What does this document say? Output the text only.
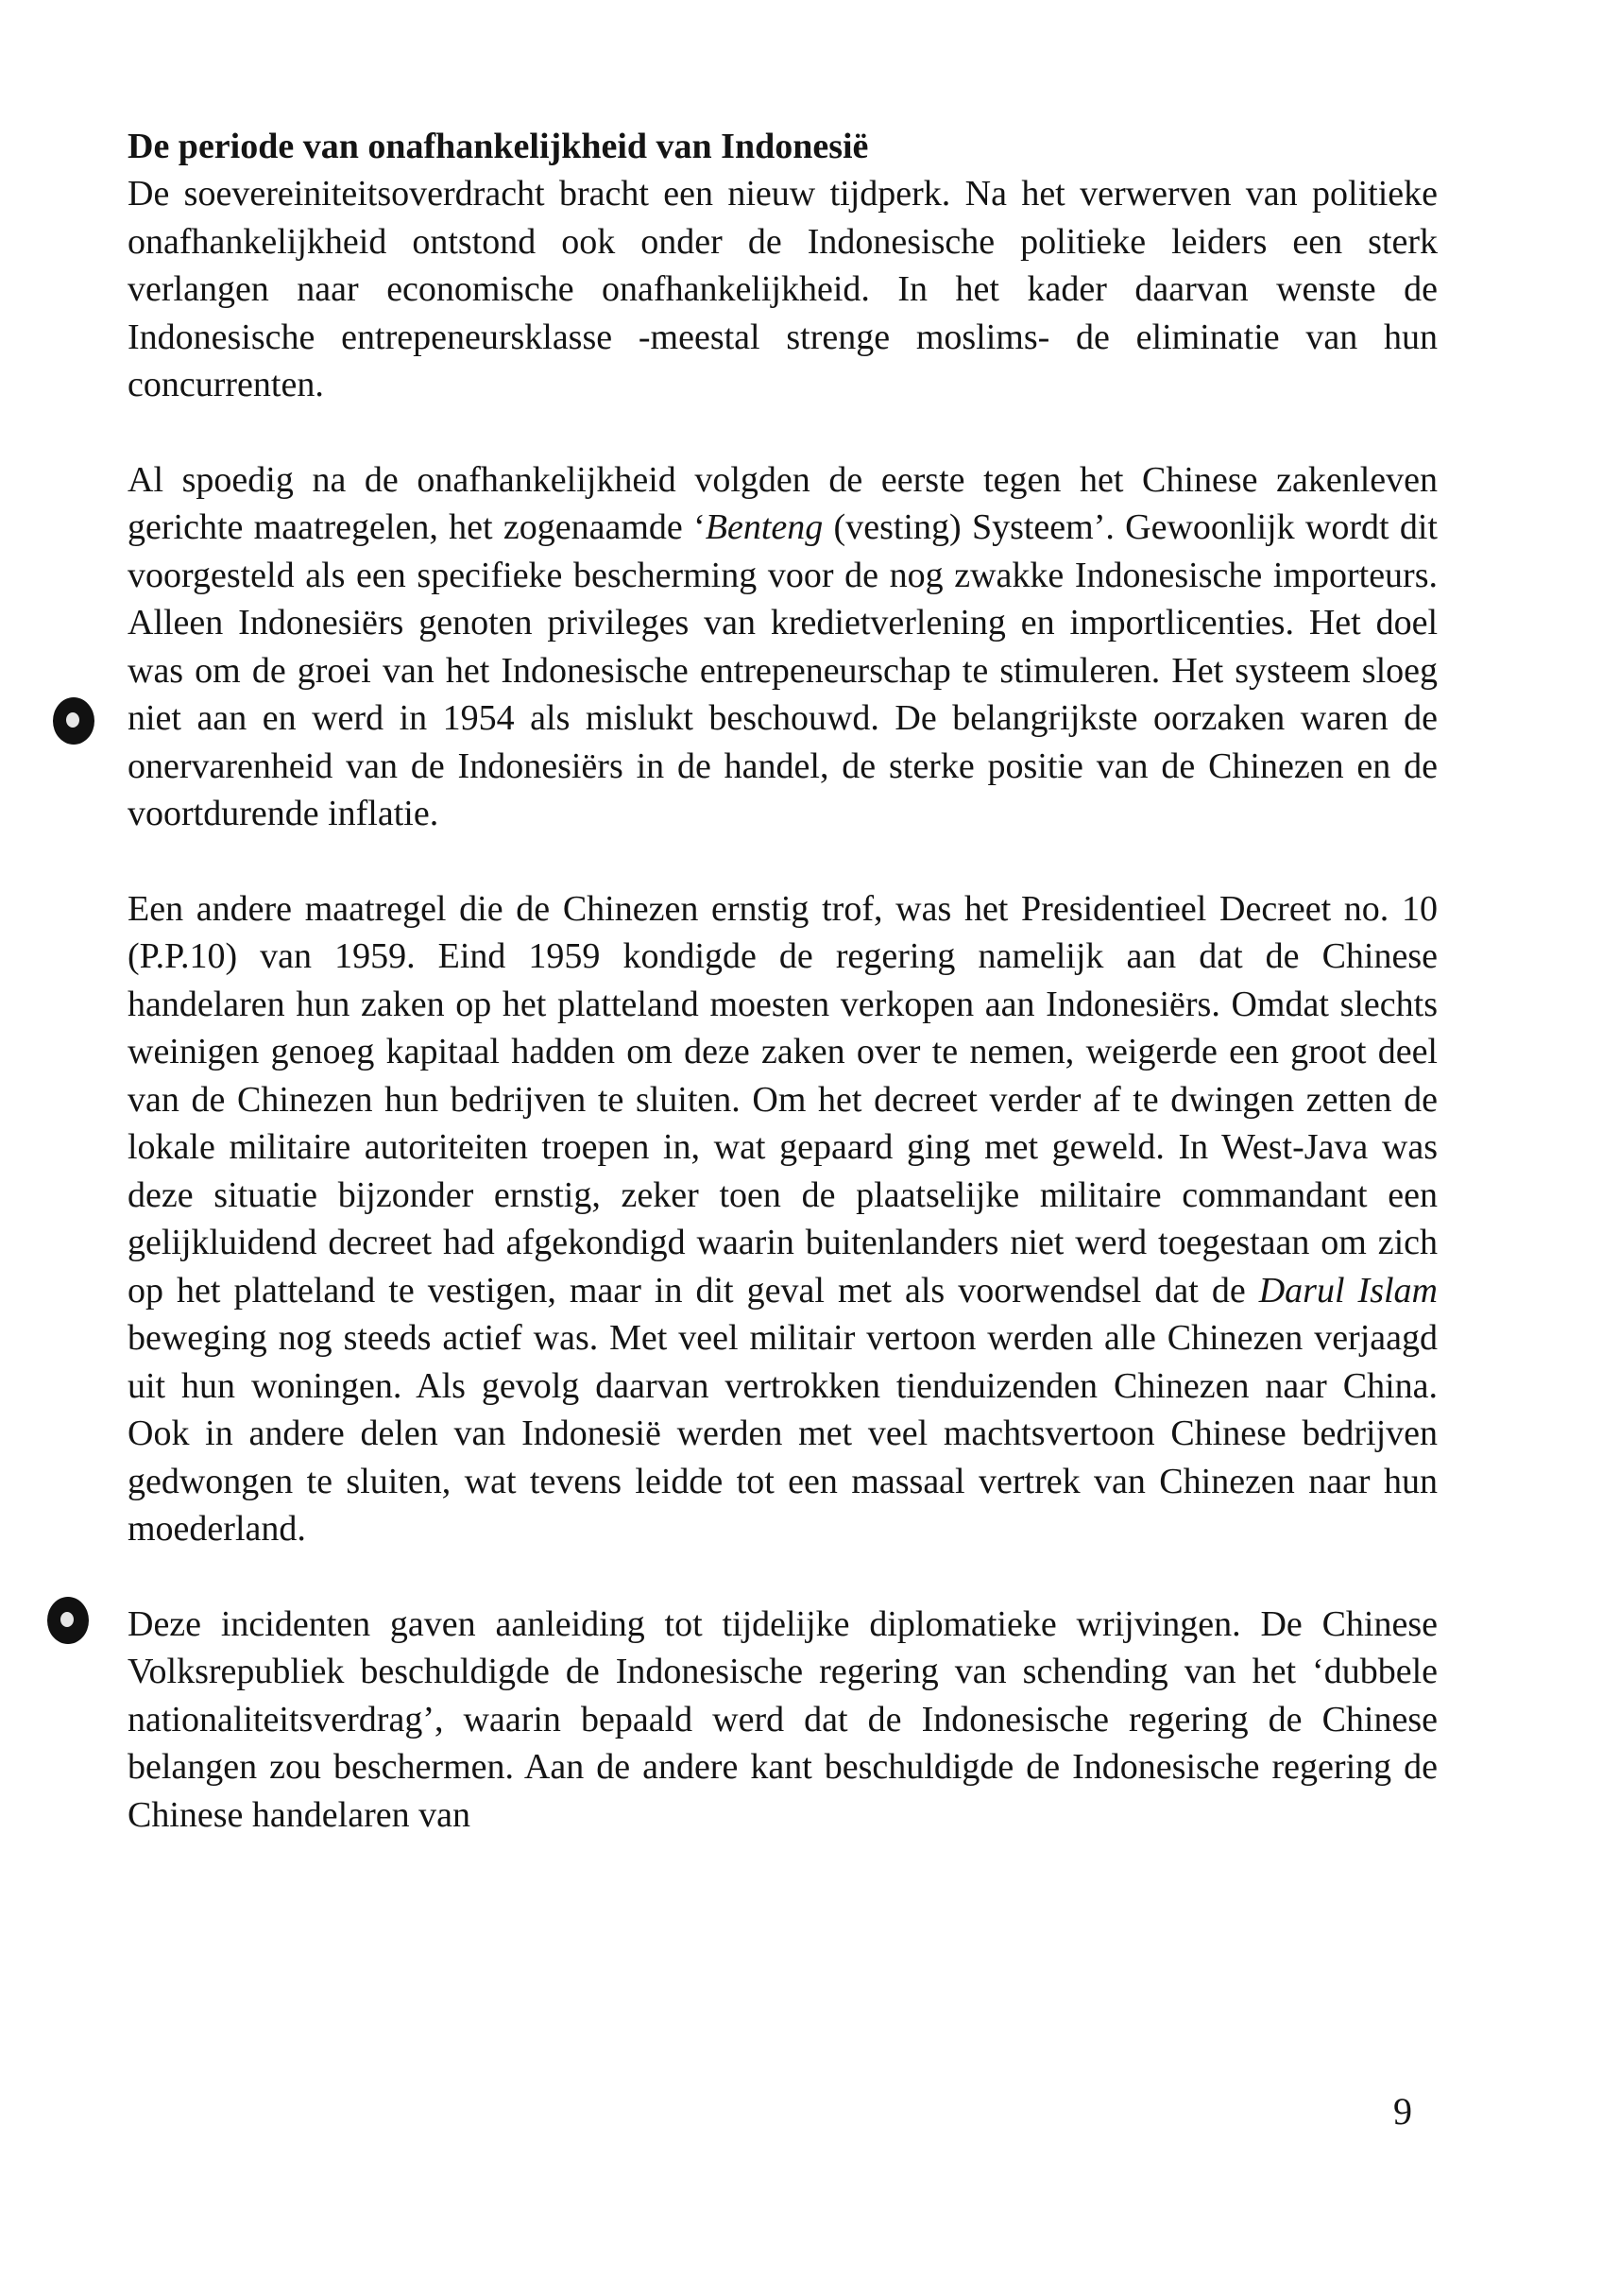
De periode van onafhankelijkheid van Indonesië

De soevereiniteitsoverdracht bracht een nieuw tijdperk. Na het verwerven van politieke onafhankelijkheid ontstond ook onder de Indonesische politieke leiders een sterk verlangen naar economische onafhankelijkheid. In het kader daarvan wenste de Indonesische entrepeneursklasse -meestal strenge moslims- de eliminatie van hun concurrenten.

Al spoedig na de onafhankelijkheid volgden de eerste tegen het Chinese zakenleven gerichte maatregelen, het zogenaamde ‘Benteng (vesting) Systeem’. Gewoonlijk wordt dit voorgesteld als een specifieke bescherming voor de nog zwakke Indonesische importeurs. Alleen Indonesiërs genoten privileges van kredietverlening en importlicenties. Het doel was om de groei van het Indonesische entrepeneurschap te stimuleren. Het systeem sloeg niet aan en werd in 1954 als mislukt beschouwd. De belangrijkste oorzaken waren de onervarenheid van de Indonesiërs in de handel, de sterke positie van de Chinezen en de voortdurende inflatie.

Een andere maatregel die de Chinezen ernstig trof, was het Presidentieel Decreet no. 10 (P.P.10) van 1959. Eind 1959 kondigde de regering namelijk aan dat de Chinese handelaren hun zaken op het platteland moesten verkopen aan Indonesiërs. Omdat slechts weinigen genoeg kapitaal hadden om deze zaken over te nemen, weigerde een groot deel van de Chinezen hun bedrijven te sluiten. Om het decreet verder af te dwingen zetten de lokale militaire autoriteiten troepen in, wat gepaard ging met geweld. In West-Java was deze situatie bijzonder ernstig, zeker toen de plaatselijke militaire commandant een gelijkluidend decreet had afgekondigd waarin buitenlanders niet werd toegestaan om zich op het platteland te vestigen, maar in dit geval met als voorwendsel dat de Darul Islam beweging nog steeds actief was. Met veel militair vertoon werden alle Chinezen verjaagd uit hun woningen. Als gevolg daarvan vertrokken tienduizenden Chinezen naar China. Ook in andere delen van Indonesië werden met veel machtsvertoon Chinese bedrijven gedwongen te sluiten, wat tevens leidde tot een massaal vertrek van Chinezen naar hun moederland.

Deze incidenten gaven aanleiding tot tijdelijke diplomatieke wrijvingen. De Chinese Volksrepubliek beschuldigde de Indonesische regering van schending van het ‘dubbele nationaliteitsverdrag’, waarin bepaald werd dat de Indonesische regering de Chinese belangen zou beschermen. Aan de andere kant beschuldigde de Indonesische regering de Chinese handelaren van

9
